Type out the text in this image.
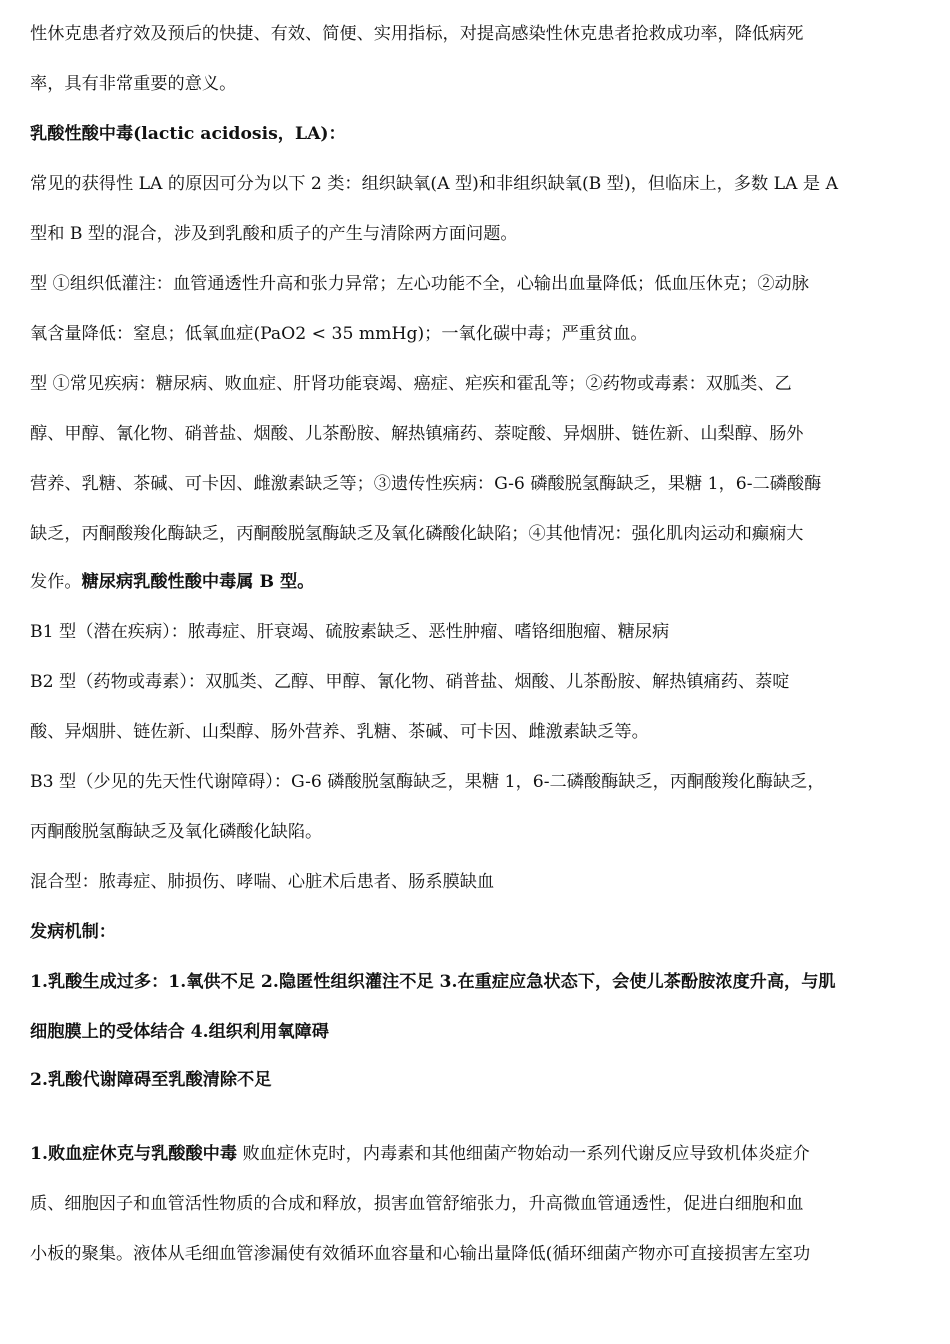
性休克患者疗效及预后的快捷、有效、简便、实用指标，对提高感染性休克患者抢救成功率，降低病死
率，具有非常重要的意义。
乳酸性酸中毒(lactic acidosis，LA)：
常见的获得性 LA 的原因可分为以下 2 类：组织缺氧(A 型)和非组织缺氧(B 型)，但临床上，多数 LA 是 A
型和 B 型的混合，涉及到乳酸和质子的产生与清除两方面问题。
型 ①组织低灌注：血管通透性升高和张力异常；左心功能不全，心输出血量降低；低血压休克；②动脉
氧含量降低：窒息；低氧血症(PaO2 < 35 mmHg)；一氧化碳中毒；严重贫血。
型 ①常见疾病：糖尿病、败血症、肝肾功能衰竭、癌症、疟疾和霍乱等；②药物或毒素：双胍类、乙
醇、甲醇、氰化物、硝普盐、烟酸、儿茶酚胺、解热镇痛药、萘啶酸、异烟肼、链佐新、山梨醇、肠外
营养、乳糖、茶碱、可卡因、雌激素缺乏等；③遗传性疾病：G-6 磷酸脱氢酶缺乏，果糖 1，6-二磷酸酶
缺乏，丙酮酸羧化酶缺乏，丙酮酸脱氢酶缺乏及氧化磷酸化缺陷；④其他情况：强化肌肉运动和癫痫大
发作。糖尿病乳酸性酸中毒属 B 型。
B1 型（潜在疾病）：脓毒症、肝衰竭、硫胺素缺乏、恶性肿瘤、嗜铬细胞瘤、糖尿病
B2 型（药物或毒素）：双胍类、乙醇、甲醇、氰化物、硝普盐、烟酸、儿茶酚胺、解热镇痛药、萘啶
酸、异烟肼、链佐新、山梨醇、肠外营养、乳糖、茶碱、可卡因、雌激素缺乏等。
B3 型（少见的先天性代谢障碍）：G-6 磷酸脱氢酶缺乏，果糖 1，6-二磷酸酶缺乏，丙酮酸羧化酶缺乏，
丙酮酸脱氢酶缺乏及氧化磷酸化缺陷。
混合型：脓毒症、肺损伤、哮喘、心脏术后患者、肠系膜缺血
发病机制：
1.乳酸生成过多：1.氧供不足 2.隐匿性组织灌注不足 3.在重症应急状态下，会使儿茶酚胺浓度升高，与肌
细胞膜上的受体结合 4.组织利用氧障碍
2.乳酸代谢障碍至乳酸清除不足
1.败血症休克与乳酸酸中毒 败血症休克时，内毒素和其他细菌产物始动一系列代谢反应导致机体炎症介
质、细胞因子和血管活性物质的合成和释放，损害血管舒缩张力，升高微血管通透性，促进白细胞和血
小板的聚集。液体从毛细血管渗漏使有效循环血容量和心输出量降低(循环细菌产物亦可直接损害左室功
